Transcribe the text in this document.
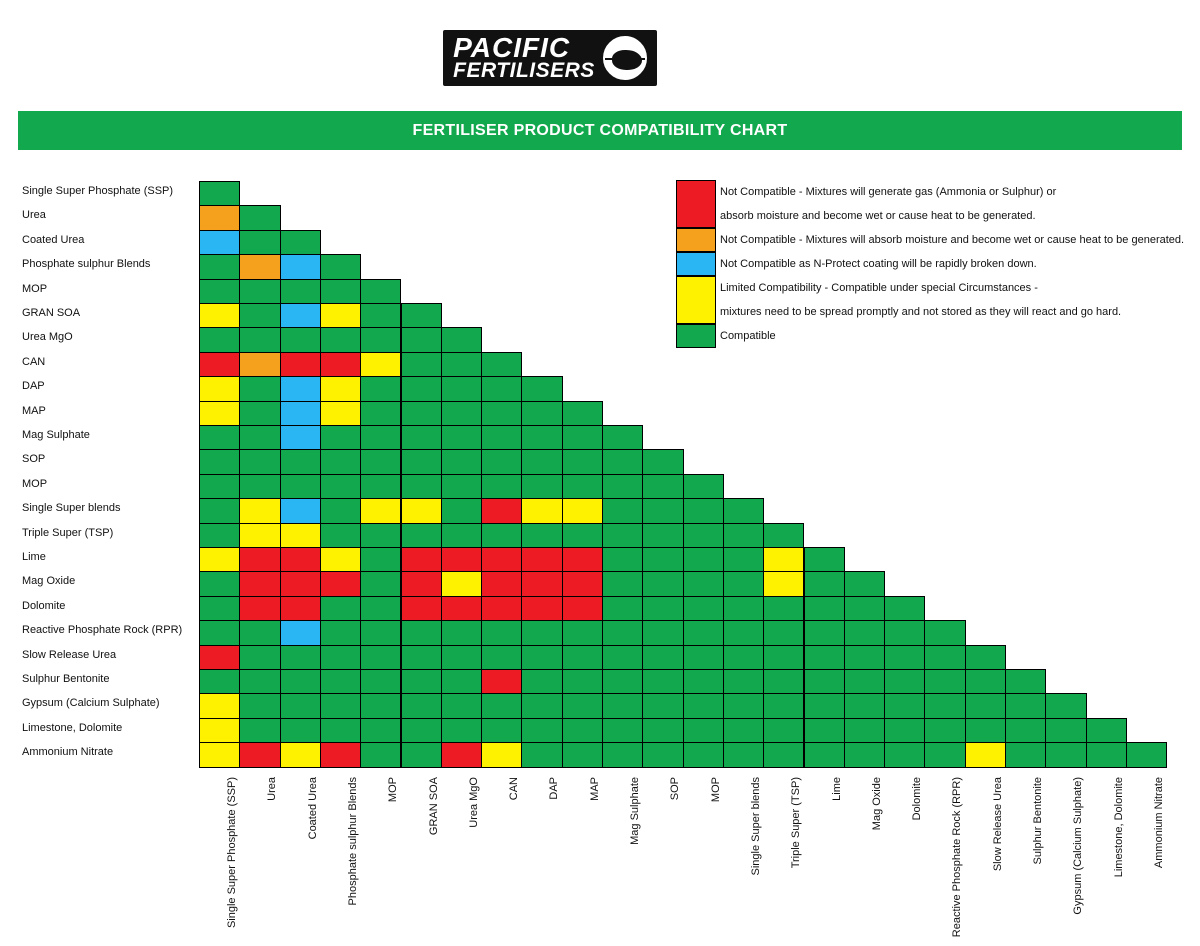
PACIFIC
FERTILISERS
FERTILISER PRODUCT COMPATIBILITY CHART
Not Compatible - Mixtures will generate gas (Ammonia or Sulphur) or
absorb moisture and become wet or cause heat to be generated.
Not Compatible - Mixtures will absorb moisture and become wet or cause heat to be generated.
Not Compatible as N-Protect coating will be rapidly broken down.
Limited Compatibility - Compatible under special Circumstances -
mixtures need to be spread promptly and not stored as they will react and go hard.
Compatible
Single Super Phosphate (SSP)
Urea
Coated Urea
Phosphate sulphur Blends
MOP
GRAN SOA
Urea MgO
CAN
DAP
MAP
Mag Sulphate
SOP
MOP
Single Super blends
Triple Super (TSP)
Lime
Mag Oxide
Dolomite
Reactive Phosphate Rock (RPR)
Slow Release Urea
Sulphur Bentonite
Gypsum (Calcium Sulphate)
Limestone, Dolomite
Ammonium Nitrate
Single Super Phosphate (SSP)	Urea	Coated Urea	Phosphate sulphur Blends	MOP	GRAN SOA	Urea MgO	CAN	DAP	MAP	Mag Sulphate	SOP	MOP	Single Super blends	Triple Super (TSP)	Lime	Mag Oxide	Dolomite	Reactive Phosphate Rock (RPR)	Slow Release Urea	Sulphur Bentonite	Gypsum (Calcium Sulphate)	Limestone, Dolomite	Ammonium Nitrate
